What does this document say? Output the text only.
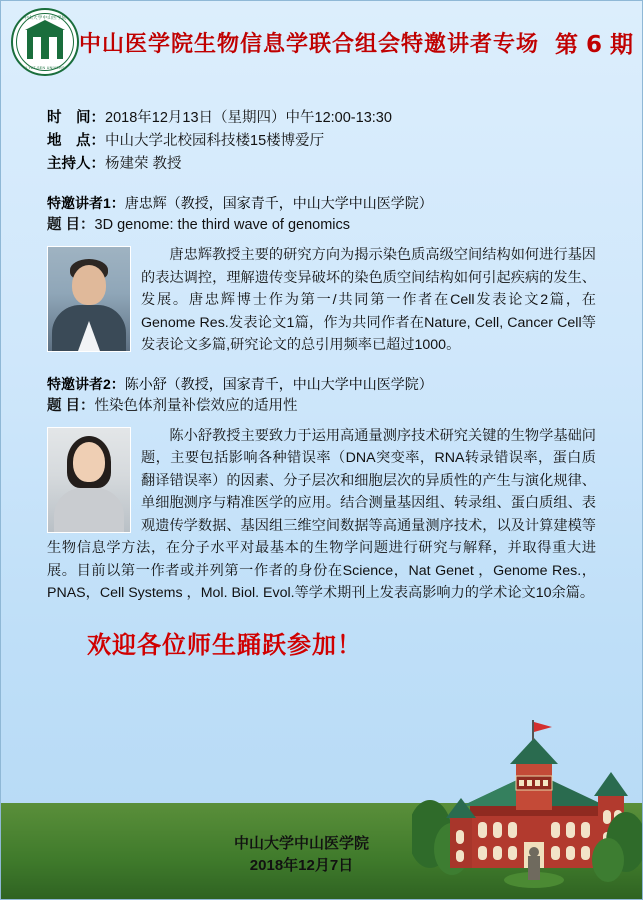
中山大学中山医学院
SUN YAT-SEN UNIVERSITY
中山医学院生物信息学联合组会特邀讲者专场 第 6 期
时　间：2018年12月13日（星期四）中午12:00-13:30
地　点：中山大学北校园科技楼15楼博爱厅
主持人：杨建荣 教授
特邀讲者1：唐忠辉（教授，国家青千，中山大学中山医学院）
题 目：3D genome: the third wave of genomics
唐忠辉教授主要的研究方向为揭示染色质高级空间结构如何进行基因的表达调控，理解遗传变异破坏的染色质空间结构如何引起疾病的发生、发展。唐忠辉博士作为第一/共同第一作者在Cell发表论文2篇，在Genome Res.发表论文1篇，作为共同作者在Nature, Cell, Cancer Cell等发表论文多篇,研究论文的总引用频率已超过1000。
特邀讲者2：陈小舒（教授，国家青千，中山大学中山医学院）
题 目：性染色体剂量补偿效应的适用性
陈小舒教授主要致力于运用高通量测序技术研究关键的生物学基础问题，主要包括影响各种错误率（DNA突变率，RNA转录错误率，蛋白质翻译错误率）的因素、分子层次和细胞层次的异质性的产生与演化规律、单细胞测序与精准医学的应用。结合测量基因组、转录组、蛋白质组、表观遗传学数据、基因组三维空间数据等高通量测序技术，以及计算建模等生物信息学方法，在分子水平对最基本的生物学问题进行研究与解释，并取得重大进展。目前以第一作者或并列第一作者的身份在Science，Nat Genet ，Genome Res.，PNAS，Cell Systems ，Mol. Biol. Evol.等学术期刊上发表高影响力的学术论文10余篇。
欢迎各位师生踊跃参加！
中山大学中山医学院
2018年12月7日
